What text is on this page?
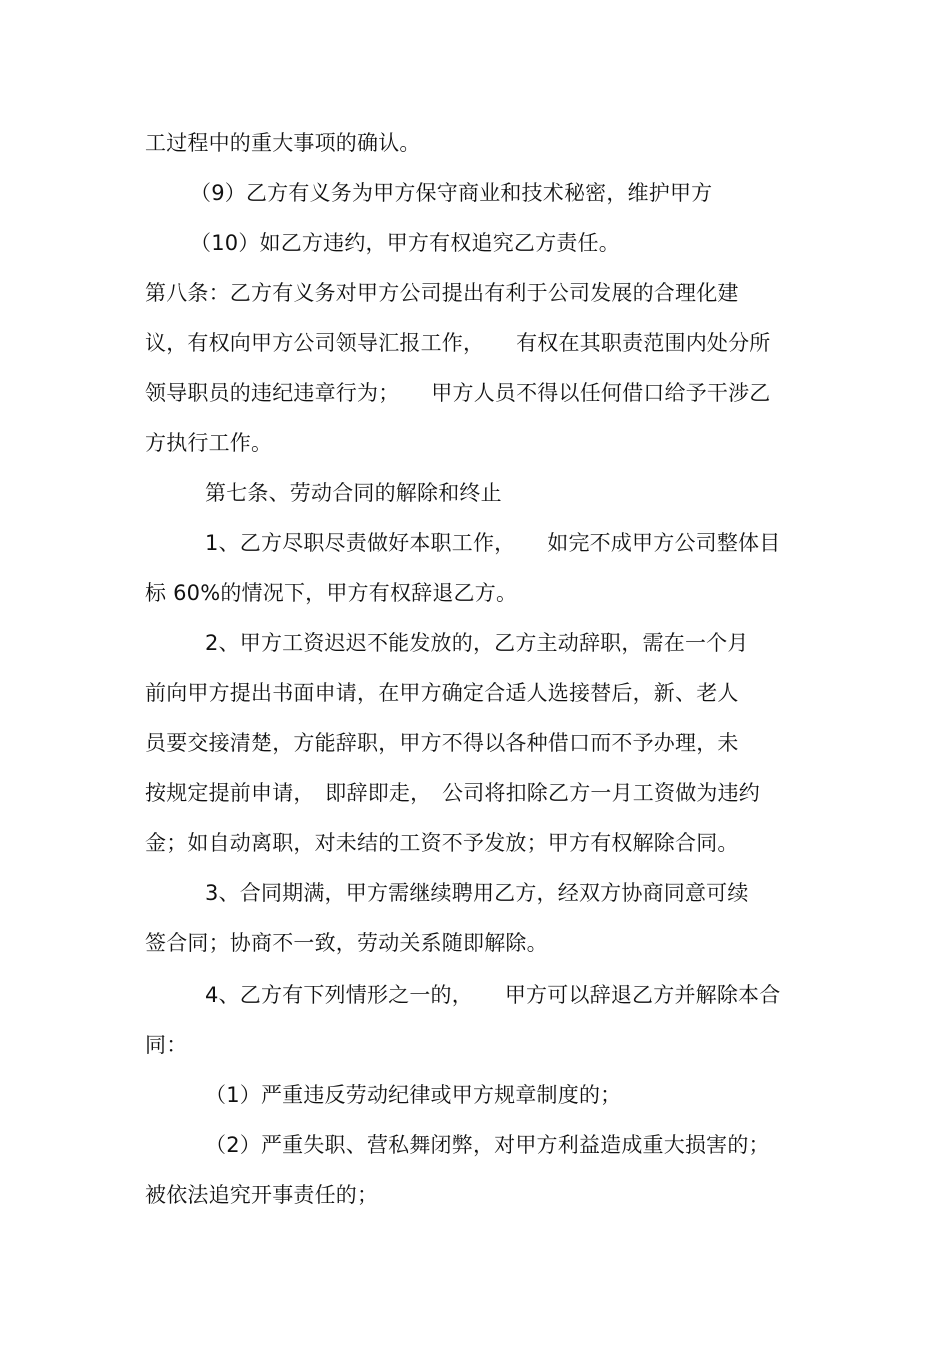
工过程中的重大事项的确认。
（9）乙方有义务为甲方保守商业和技术秘密，维护甲方
（10）如乙方违约，甲方有权追究乙方责任。
第八条：乙方有义务对甲方公司提出有利于公司发展的合理化建
议，有权向甲方公司领导汇报工作，　　有权在其职责范围内处分所
领导职员的违纪违章行为；　　甲方人员不得以任何借口给予干涉乙
方执行工作。
第七条、劳动合同的解除和终止
1、乙方尽职尽责做好本职工作，　　如完不成甲方公司整体目
标 60%的情况下，甲方有权辞退乙方。
2、甲方工资迟迟不能发放的，乙方主动辞职，需在一个月
前向甲方提出书面申请，在甲方确定合适人选接替后，新、老人
员要交接清楚，方能辞职，甲方不得以各种借口而不予办理，未
按规定提前申请，　即辞即走，　公司将扣除乙方一月工资做为违约
金；如自动离职，对未结的工资不予发放；甲方有权解除合同。
3、合同期满，甲方需继续聘用乙方，经双方协商同意可续
签合同；协商不一致，劳动关系随即解除。
4、乙方有下列情形之一的，　　甲方可以辞退乙方并解除本合
同：
（1）严重违反劳动纪律或甲方规章制度的；
（2）严重失职、营私舞闭弊，对甲方利益造成重大损害的；
被依法追究开事责任的；
